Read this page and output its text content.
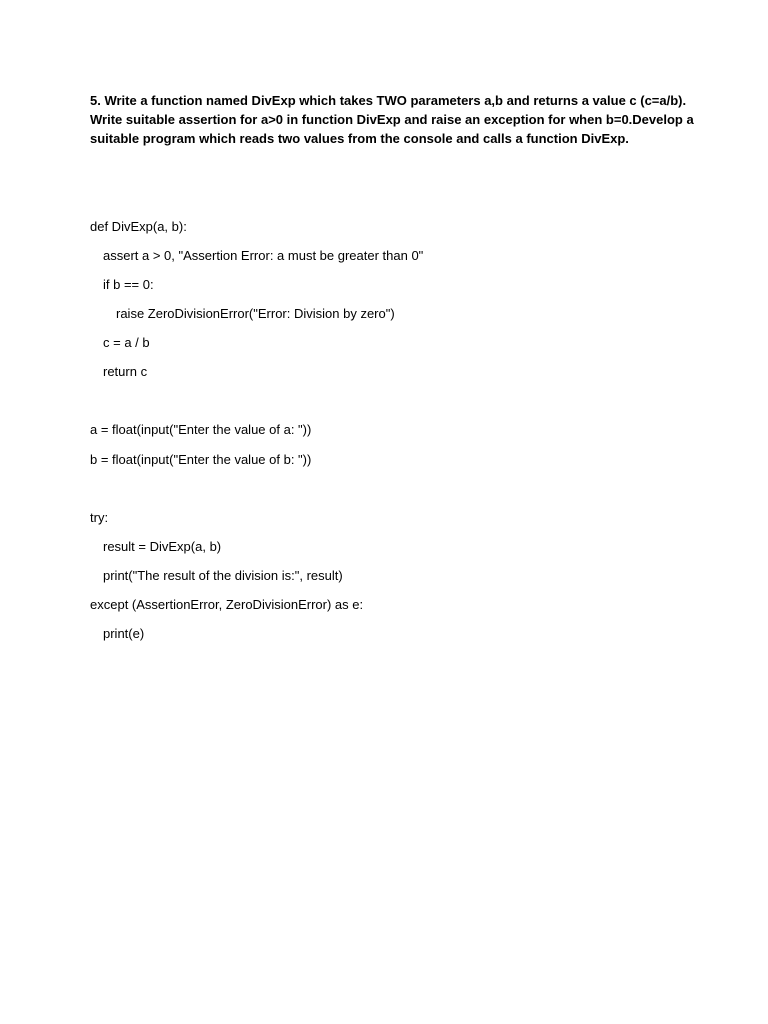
5. Write a function named DivExp which takes TWO parameters a,b and returns a value c (c=a/b).

Write suitable assertion for a>0 in function DivExp and raise an exception for when b=0.Develop a

suitable program which reads two values from the console and calls a function DivExp.

def DivExp(a, b):
assert a > 0, "Assertion Error: a must be greater than 0"
if b == 0:
raise ZeroDivisionError("Error: Division by zero")
c = a / b
return c
a = float(input("Enter the value of a: "))
b = float(input("Enter the value of b: "))
try:
result = DivExp(a, b)
print("The result of the division is:", result)
except (AssertionError, ZeroDivisionError) as e:
print(e)
